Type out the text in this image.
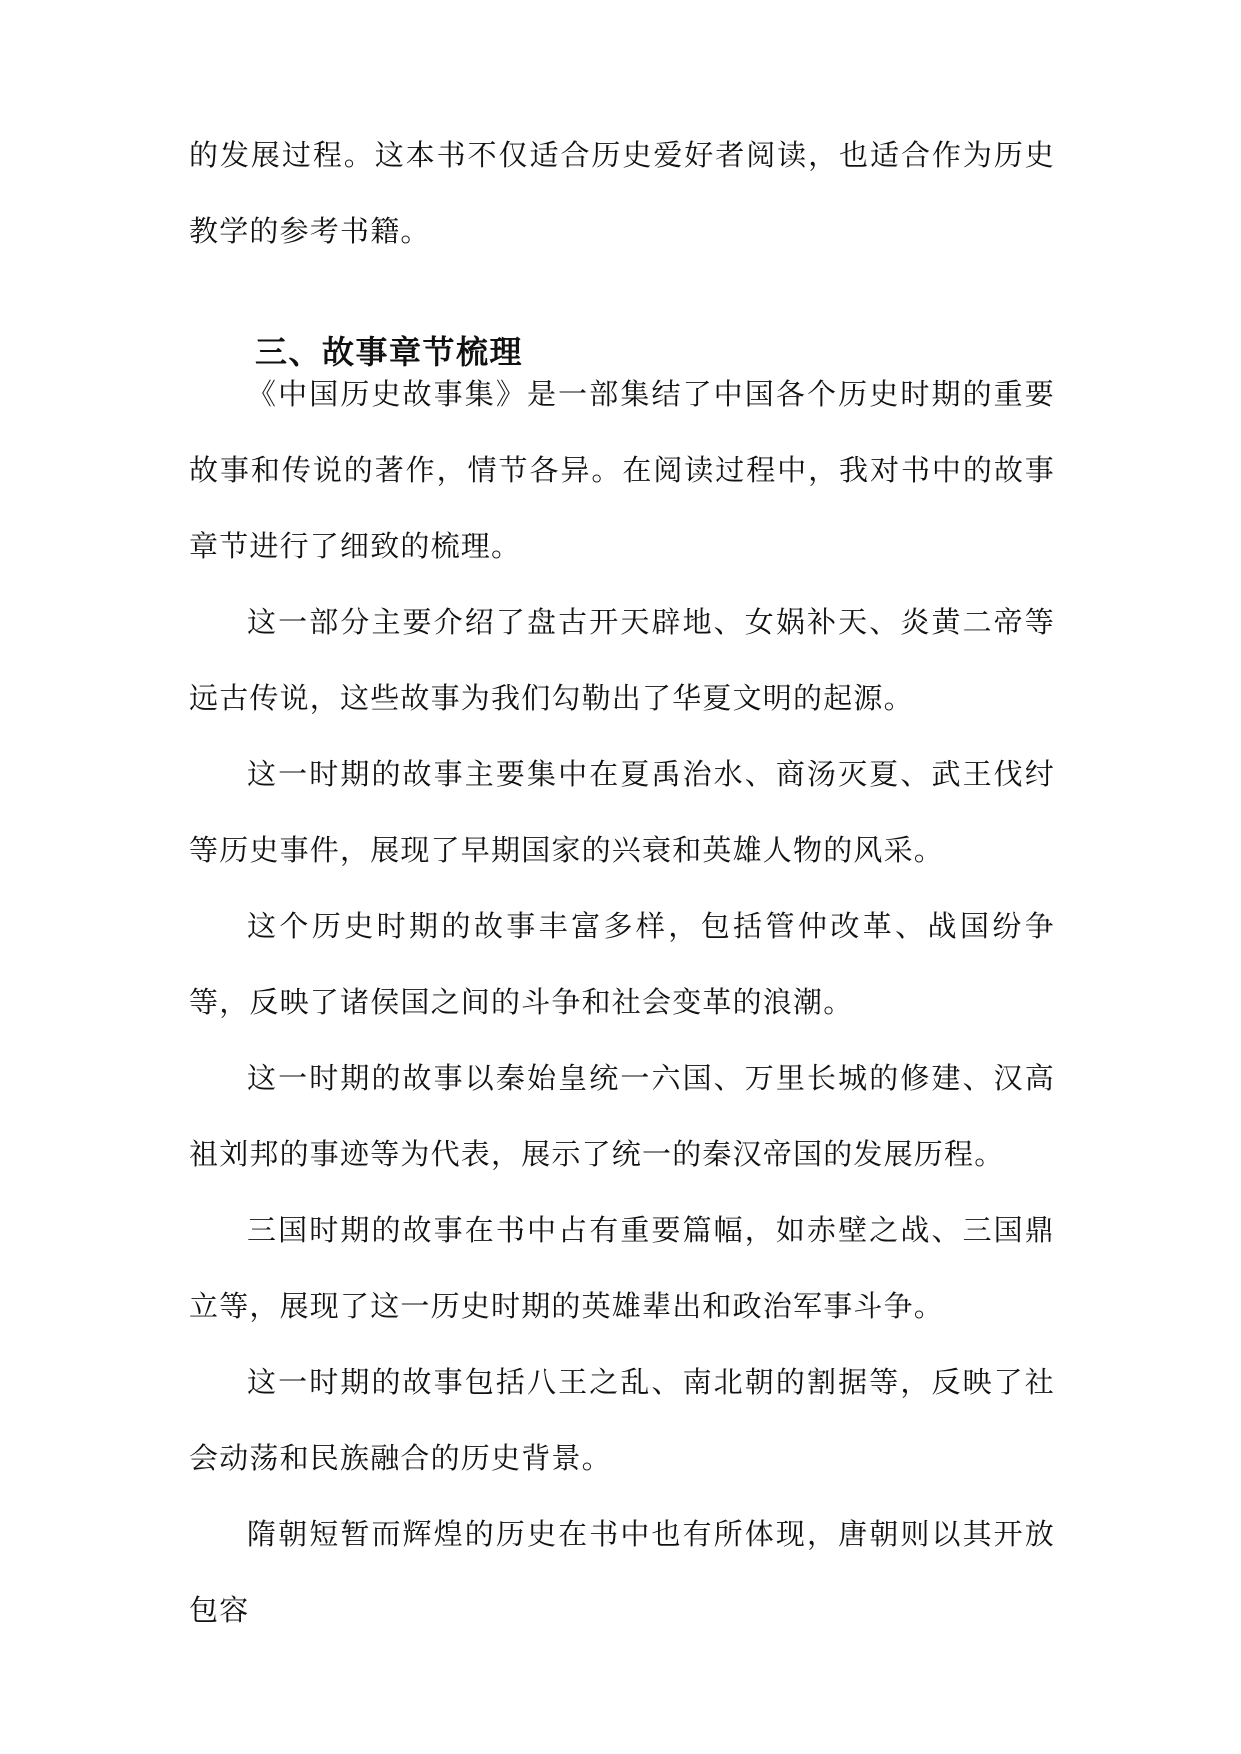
的发展过程。这本书不仅适合历史爱好者阅读，也适合作为历史教学的参考书籍。

三、故事章节梳理

《中国历史故事集》是一部集结了中国各个历史时期的重要故事和传说的著作，情节各异。在阅读过程中，我对书中的故事章节进行了细致的梳理。

这一部分主要介绍了盘古开天辟地、女娲补天、炎黄二帝等远古传说，这些故事为我们勾勒出了华夏文明的起源。

这一时期的故事主要集中在夏禹治水、商汤灭夏、武王伐纣等历史事件，展现了早期国家的兴衰和英雄人物的风采。

这个历史时期的故事丰富多样，包括管仲改革、战国纷争等，反映了诸侯国之间的斗争和社会变革的浪潮。

这一时期的故事以秦始皇统一六国、万里长城的修建、汉高祖刘邦的事迹等为代表，展示了统一的秦汉帝国的发展历程。

三国时期的故事在书中占有重要篇幅，如赤壁之战、三国鼎立等，展现了这一历史时期的英雄辈出和政治军事斗争。

这一时期的故事包括八王之乱、南北朝的割据等，反映了社会动荡和民族融合的历史背景。

隋朝短暂而辉煌的历史在书中也有所体现，唐朝则以其开放包容
